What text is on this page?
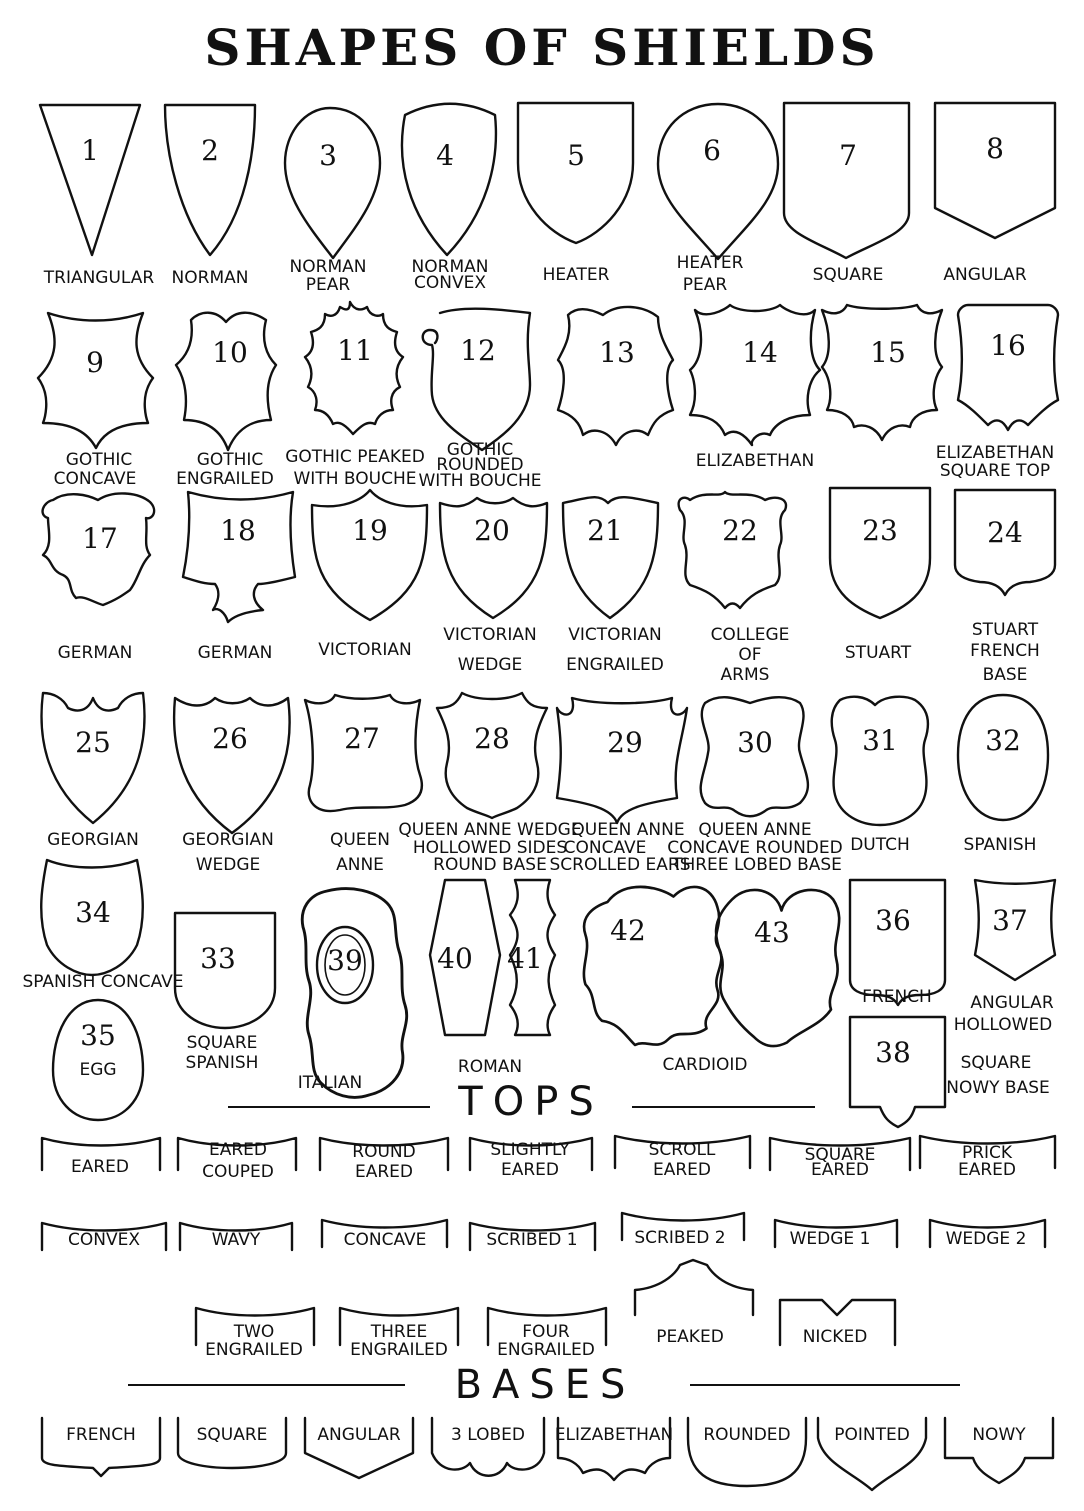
SHAPES OF SHIELDS
1
TRIANGULAR
2
NORMAN
3
NORMAN
PEAR
4
NORMAN
CONVEX
5
HEATER
6
HEATER
PEAR
7
SQUARE
8
ANGULAR
9
GOTHIC
CONCAVE
10
GOTHIC
ENGRAILED
11
GOTHIC PEAKED
WITH BOUCHE
12
GOTHIC
ROUNDED
WITH BOUCHE
13	14
ELIZABETHAN
15	16
ELIZABETHAN
SQUARE TOP
17
GERMAN
18
GERMAN
19
VICTORIAN
20
VICTORIAN
WEDGE
21
VICTORIAN
ENGRAILED
22
COLLEGE
OF
ARMS
23
STUART
24
STUART
FRENCH
BASE
25
GEORGIAN
26
GEORGIAN
WEDGE
27
QUEEN
ANNE
28
QUEEN ANNE WEDGE
HOLLOWED SIDES
ROUND BASE
29
QUEEN ANNE
CONCAVE
SCROLLED EARS
30
QUEEN ANNE
CONCAVE ROUNDED
THREE LOBED BASE
31
DUTCH
32
SPANISH
33
SQUARE
SPANISH
34
SPANISH CONCAVE
35
EGG
36
FRENCH
37
ANGULAR
HOLLOWED
38	SQUARE
NOWY BASE
39
ITALIAN
40 41
ROMAN
42	43
CARDIOID
TOPS
EARED
EARED
COUPED
ROUND
EARED
SLIGHTLY
EARED
SCROLL
EARED
SQUARE
EARED
PRICK
EARED
CONVEX	WAVY	CONCAVE	SCRIBED 1	SCRIBED 2	WEDGE 1	WEDGE 2
TWO
ENGRAILED
THREE
ENGRAILED
FOUR
ENGRAILED
PEAKED	NICKED
BASES
FRENCH	SQUARE	ANGULAR	3 LOBED ELIZABETHAN ROUNDED	POINTED	NOWY
